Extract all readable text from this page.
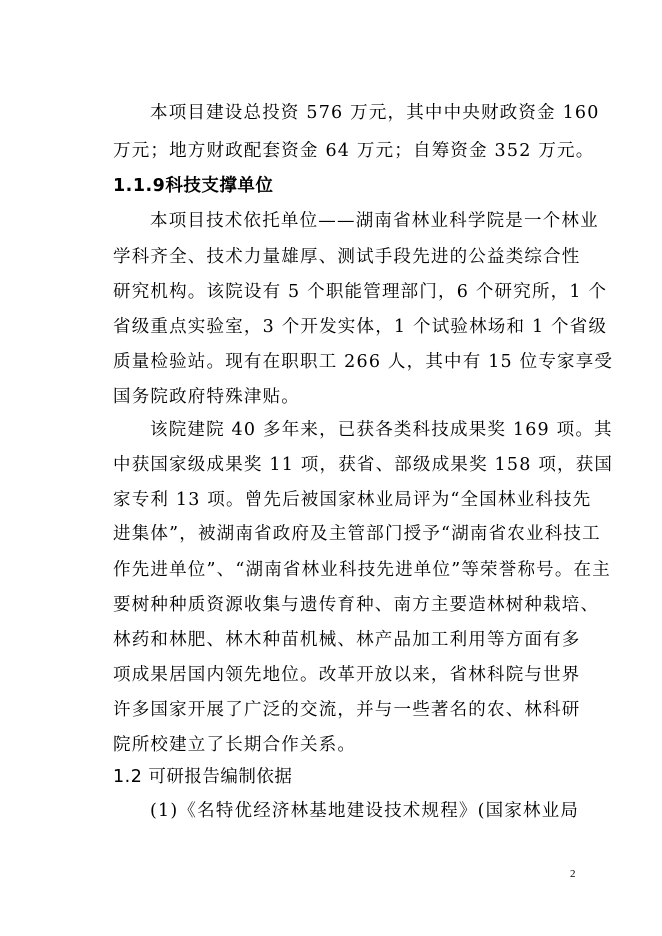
本项目建设总投资 576 万元，其中中央财政资金 160
万元；地方财政配套资金 64 万元；自筹资金 352 万元。
1.1.9科技支撑单位
本项目技术依托单位——湖南省林业科学院是一个林业
学科齐全、技术力量雄厚、测试手段先进的公益类综合性
研究机构。该院设有 5 个职能管理部门，6 个研究所，1 个
省级重点实验室，3 个开发实体，1 个试验林场和 1 个省级
质量检验站。现有在职职工 266 人，其中有 15 位专家享受
国务院政府特殊津贴。
该院建院 40 多年来，已获各类科技成果奖 169 项。其
中获国家级成果奖 11 项，获省、部级成果奖 158 项，获国
家专利 13 项。曾先后被国家林业局评为“全国林业科技先
进集体”，被湖南省政府及主管部门授予“湖南省农业科技工
作先进单位”、“湖南省林业科技先进单位”等荣誉称号。在主
要树种种质资源收集与遗传育种、南方主要造林树种栽培、
林药和林肥、林木种苗机械、林产品加工利用等方面有多
项成果居国内领先地位。改革开放以来，省林科院与世界
许多国家开展了广泛的交流，并与一些著名的农、林科研
院所校建立了长期合作关系。
1.2 可研报告编制依据
(1)《名特优经济林基地建设技术规程》(国家林业局
2
